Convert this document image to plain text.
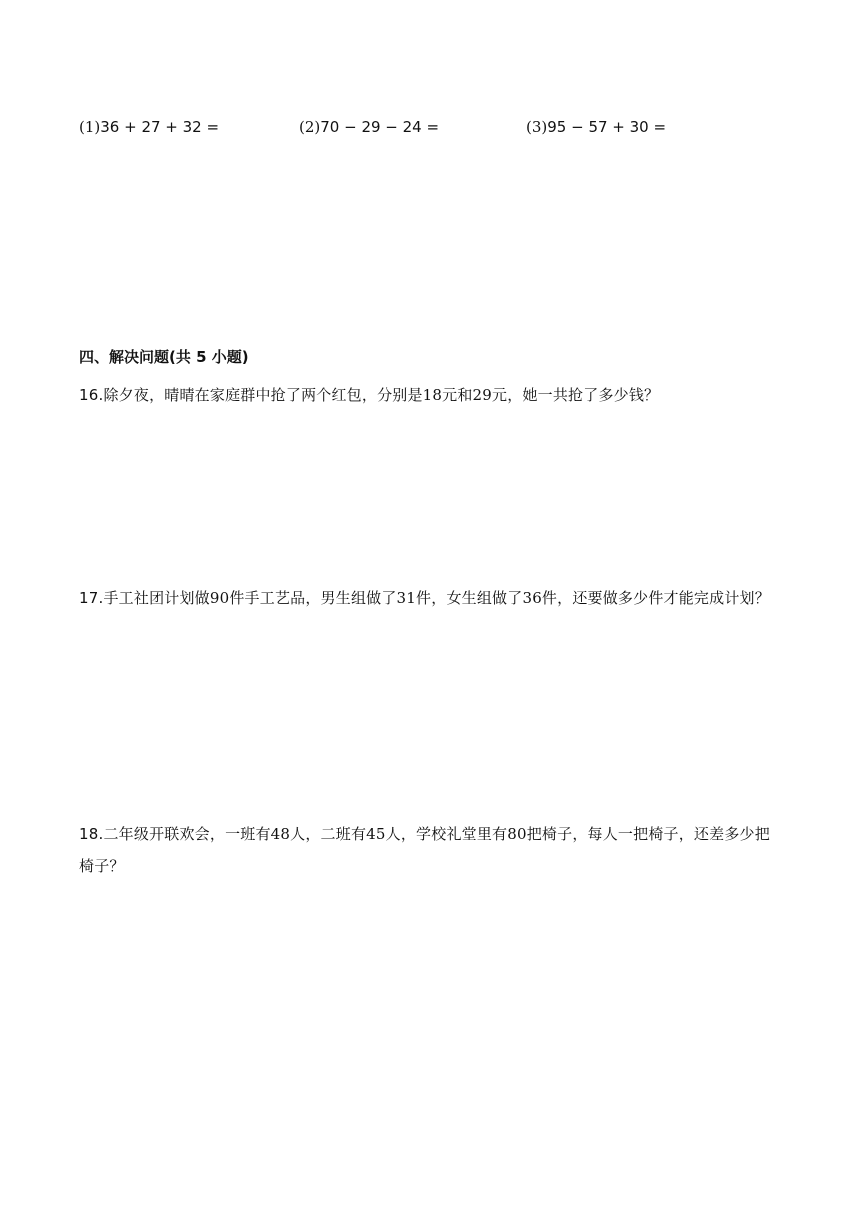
(1)36 + 27 + 32 =	(2)70 − 29 − 24 =	(3)95 − 57 + 30 =
四、解决问题(共 5 小题)
16.除夕夜，晴晴在家庭群中抢了两个红包，分别是18元和29元，她一共抢了多少钱？
17.手工社团计划做90件手工艺品，男生组做了31件，女生组做了36件，还要做多少件才能完成计划？
18.二年级开联欢会，一班有48人，二班有45人，学校礼堂里有80把椅子，每人一把椅子，还差多少把椅子？
